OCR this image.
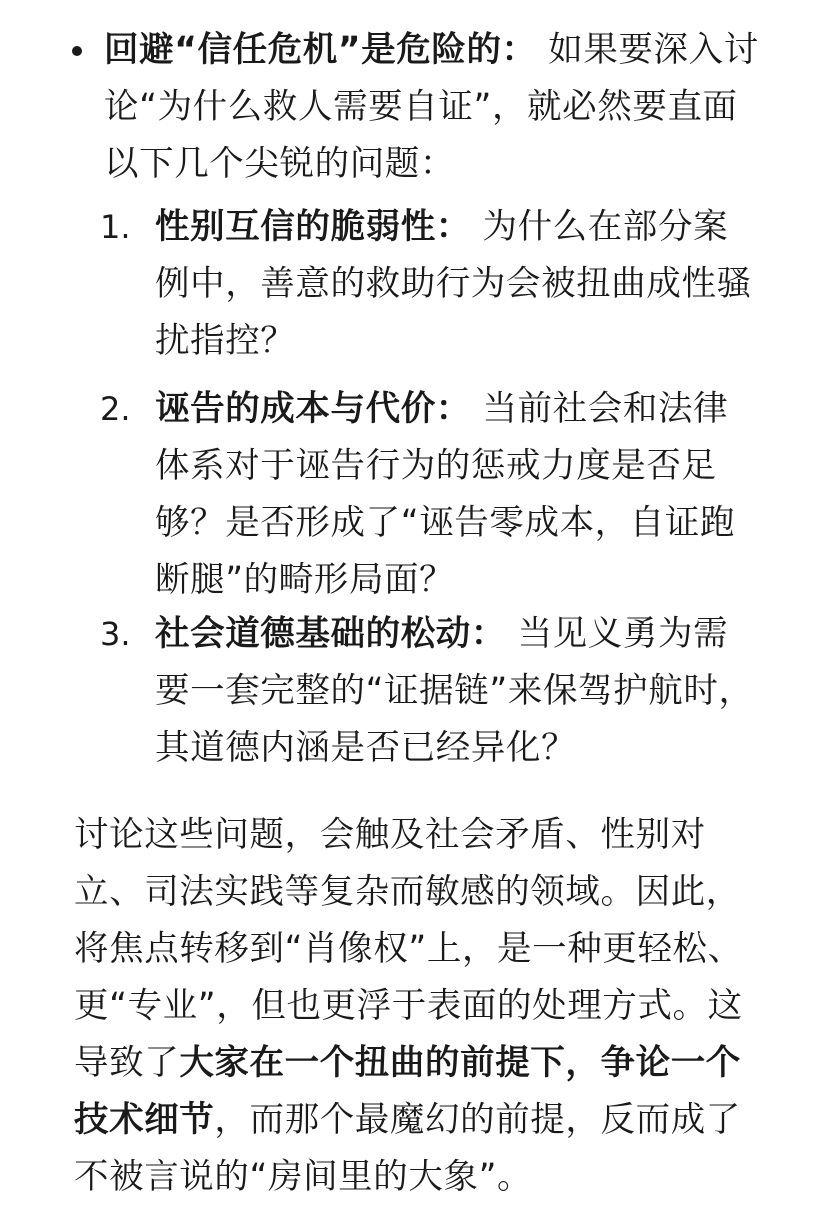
回避“信任危机”是危险的： 如果要深入讨论“为什么救人需要自证”，就必然要直面以下几个尖锐的问题：

1. 性别互信的脆弱性： 为什么在部分案例中，善意的救助行为会被扭曲成性骚扰指控？

2. 诬告的成本与代价： 当前社会和法律体系对于诬告行为的惩戒力度是否足够？是否形成了“诬告零成本，自证跑断腿”的畸形局面？

3. 社会道德基础的松动： 当见义勇为需要一套完整的“证据链”来保驾护航时，其道德内涵是否已经异化？

讨论这些问题，会触及社会矛盾、性别对立、司法实践等复杂而敏感的领域。因此，将焦点转移到“肖像权”上，是一种更轻松、更“专业”，但也更浮于表面的处理方式。这导致了大家在一个扭曲的前提下，争论一个技术细节，而那个最魔幻的前提，反而成了不被言说的“房间里的大象”。
